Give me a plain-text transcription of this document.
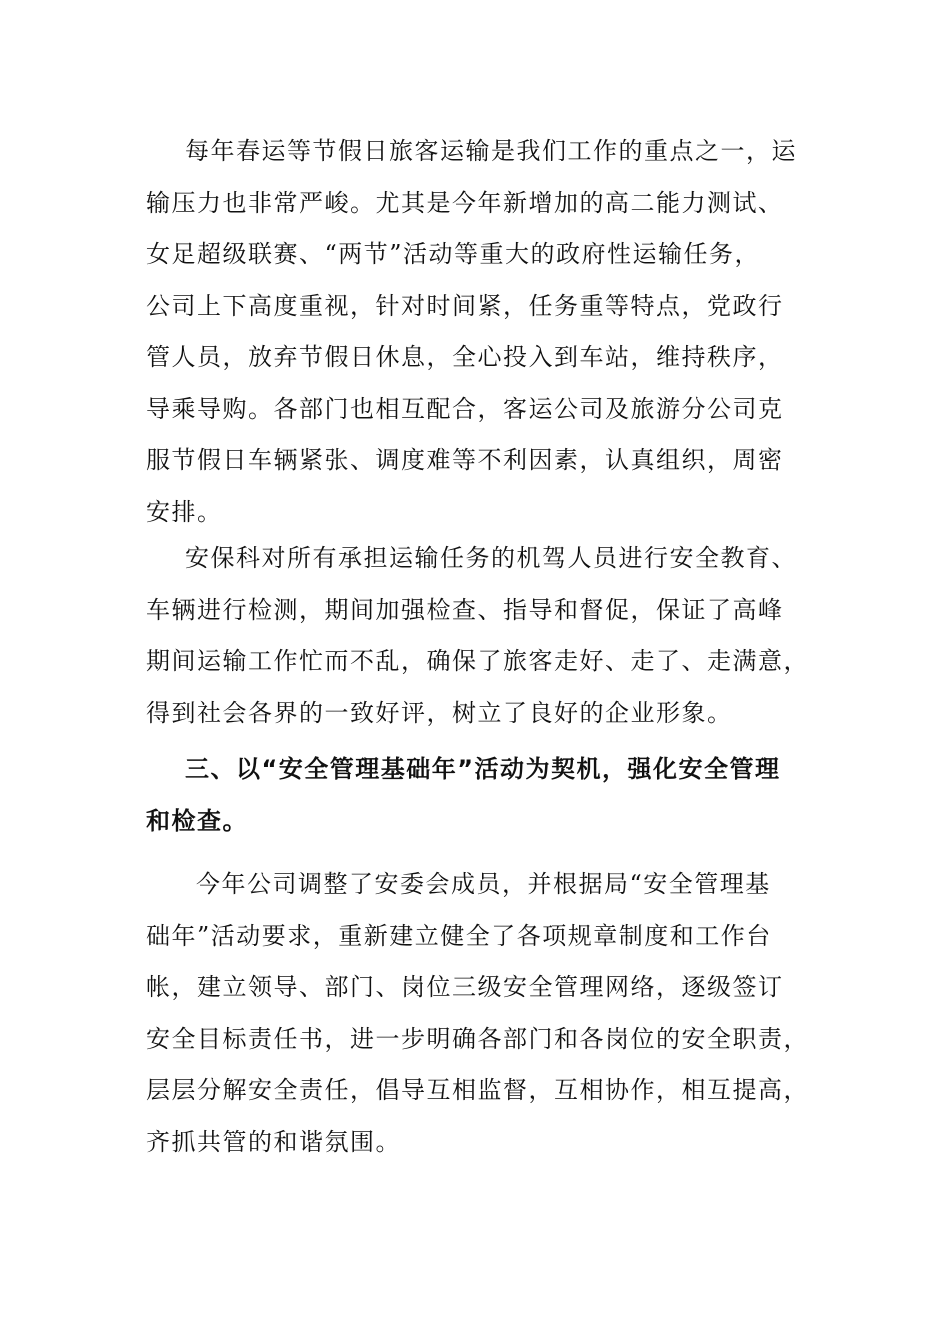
每年春运等节假日旅客运输是我们工作的重点之一，运
输压力也非常严峻。尤其是今年新增加的高二能力测试、
女足超级联赛、“两节”活动等重大的政府性运输任务，
公司上下高度重视，针对时间紧，任务重等特点，党政行
管人员，放弃节假日休息，全心投入到车站，维持秩序，
导乘导购。各部门也相互配合，客运公司及旅游分公司克
服节假日车辆紧张、调度难等不利因素，认真组织，周密
安排。
安保科对所有承担运输任务的机驾人员进行安全教育、
车辆进行检测，期间加强检查、指导和督促，保证了高峰
期间运输工作忙而不乱，确保了旅客走好、走了、走满意，
得到社会各界的一致好评，树立了良好的企业形象。
三、以“安全管理基础年”活动为契机，强化安全管理
和检查。
今年公司调整了安委会成员，并根据局“安全管理基
础年”活动要求，重新建立健全了各项规章制度和工作台
帐，建立领导、部门、岗位三级安全管理网络，逐级签订
安全目标责任书，进一步明确各部门和各岗位的安全职责，
层层分解安全责任，倡导互相监督，互相协作，相互提高，
齐抓共管的和谐氛围。
